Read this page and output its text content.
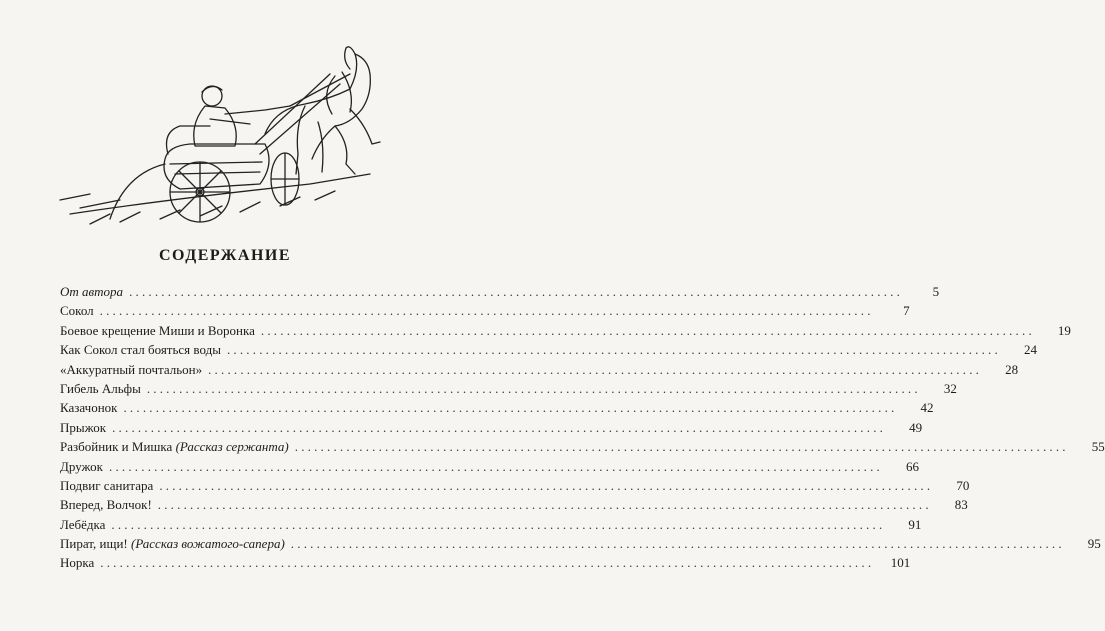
СОДЕРЖАНИЕ
От автора ........................................................................................................................	5
Сокол ........................................................................................................................	7
Боевое крещение Миши и Воронка ........................................................................................................................	19
Как Сокол стал бояться воды ........................................................................................................................	24
«Аккуратный почтальон» ........................................................................................................................	28
Гибель Альфы ........................................................................................................................	32
Казачонок ........................................................................................................................	42
Прыжок ........................................................................................................................	49
Разбойник и Мишка (Рассказ сержанта) ........................................................................................................................	55
Дружок ........................................................................................................................	66
Подвиг санитара ........................................................................................................................	70
Вперед, Волчок! ........................................................................................................................	83
Лебёдка ........................................................................................................................	91
Пират, ищи! (Рассказ вожатого-сапера) ........................................................................................................................	95
Норка ........................................................................................................................	101
